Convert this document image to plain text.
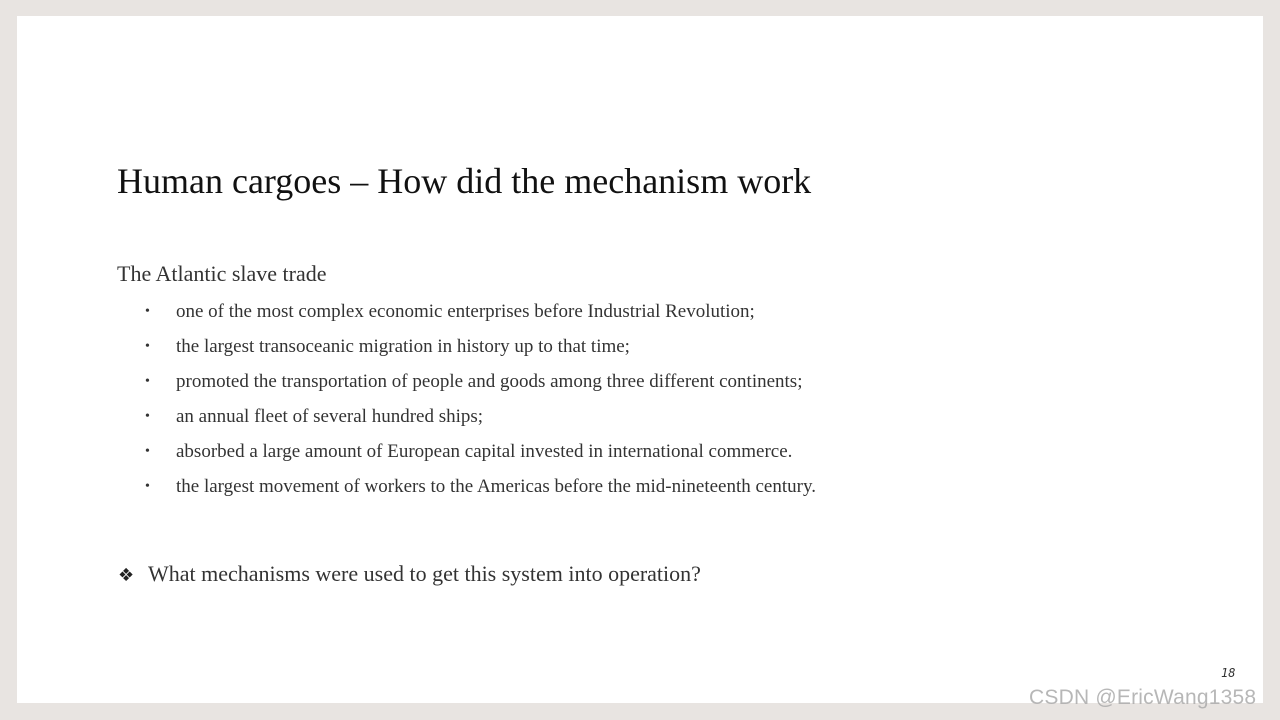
Human cargoes – How did the mechanism work
The Atlantic slave trade
• one of the most complex economic enterprises before Industrial Revolution;
• the largest transoceanic migration in history up to that time;
• promoted the transportation of people and goods among three different continents;
• an annual fleet of several hundred ships;
• absorbed a large amount of European capital invested in international commerce.
• the largest movement of workers to the Americas before the mid-nineteenth century.
❖ What mechanisms were used to get this system into operation?
18
CSDN @EricWang1358
